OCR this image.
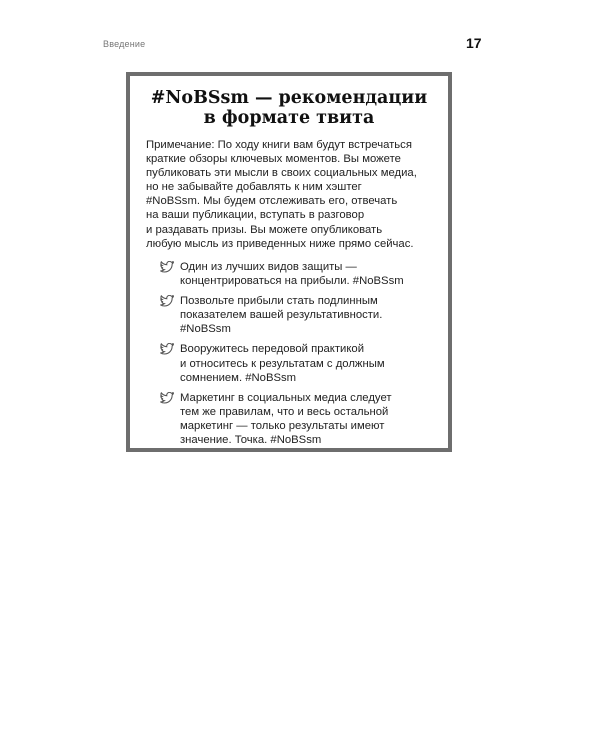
Введение	17
#NoBSsm — рекомендации
в формате твита
Примечание: По ходу книги вам будут встречаться
краткие обзоры ключевых моментов. Вы можете
публиковать эти мысли в своих социальных медиа,
но не забывайте добавлять к ним хэштег
#NoBSsm. Мы будем отслеживать его, отвечать
на ваши публикации, вступать в разговор
и раздавать призы. Вы можете опубликовать
любую мысль из приведенных ниже прямо сейчас.
Один из лучших видов защиты —
концентрироваться на прибыли. #NoBSsm
Позвольте прибыли стать подлинным
показателем вашей результативности.
#NoBSsm
Вооружитесь передовой практикой
и относитесь к результатам с должным
сомнением. #NoBSsm
Маркетинг в социальных медиа следует
тем же правилам, что и весь остальной
маркетинг — только результаты имеют
значение. Точка. #NoBSsm
